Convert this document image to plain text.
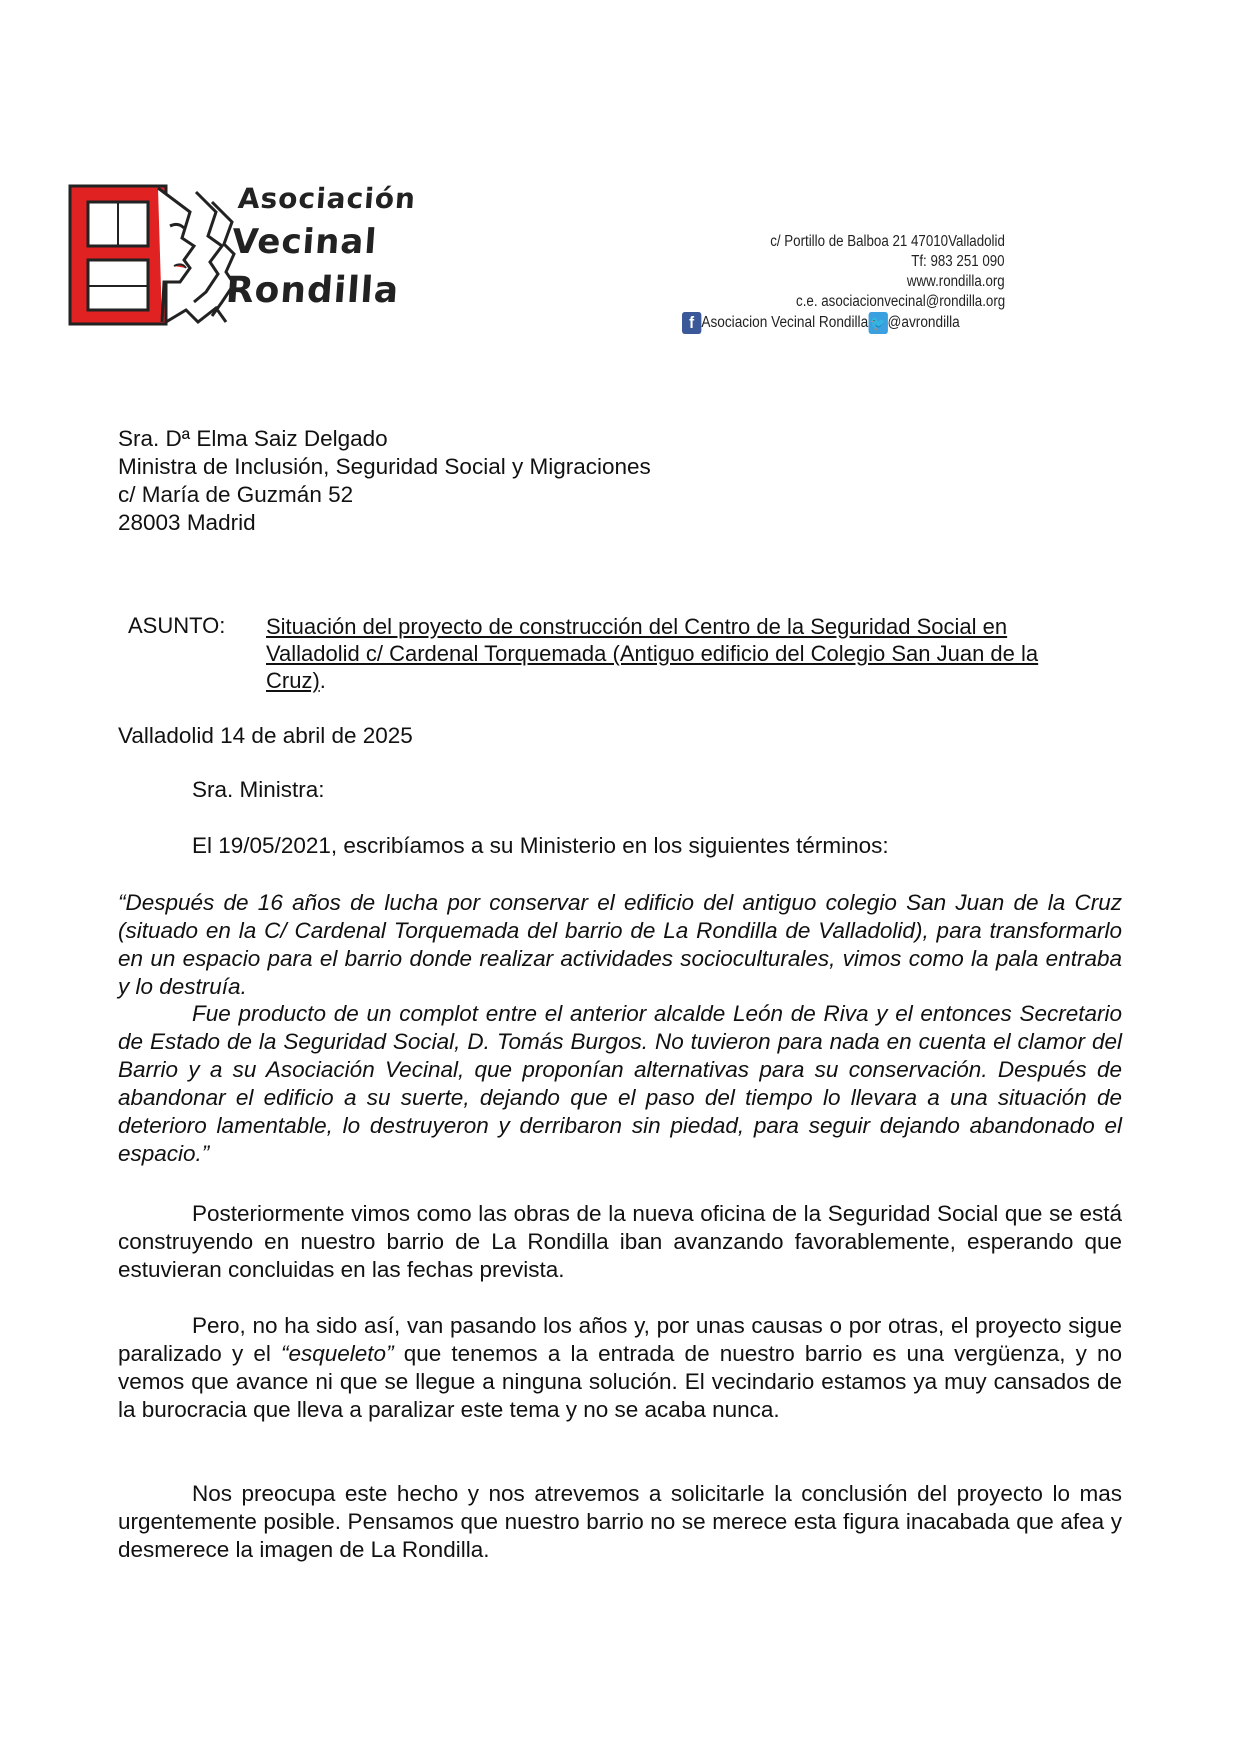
Asociación
Vecinal
Rondilla
c/ Portillo de Balboa 21 47010Valladolid
Tf: 983 251 090
www.rondilla.org
c.e. asociacionvecinal@rondilla.org
f Asociacion Vecinal Rondilla 🐦 @avrondilla
Sra. Dª Elma Saiz Delgado
Ministra de Inclusión, Seguridad Social y Migraciones
c/ María de Guzmán 52
28003 Madrid
ASUNTO: Situación del proyecto de construcción del Centro de la Seguridad Social en Valladolid c/ Cardenal Torquemada (Antiguo edificio del Colegio San Juan de la Cruz).
Valladolid 14 de abril de 2025
Sra. Ministra:
El 19/05/2021, escribíamos a su Ministerio en los siguientes términos:
“Después de 16 años de lucha por conservar el edificio del antiguo colegio San Juan de la Cruz (situado en la C/ Cardenal Torquemada del barrio de La Rondilla de Valladolid), para transformarlo en un espacio para el barrio donde realizar actividades socioculturales, vimos como la pala entraba y lo destruía.
Fue producto de un complot entre el anterior alcalde León de Riva y el entonces Secretario de Estado de la Seguridad Social, D. Tomás Burgos. No tuvieron para nada en cuenta el clamor del Barrio y a su Asociación Vecinal, que proponían alternativas para su conservación. Después de abandonar el edificio a su suerte, dejando que el paso del tiempo lo llevara a una situación de deterioro lamentable, lo destruyeron y derribaron sin piedad, para seguir dejando abandonado el espacio.”
Posteriormente vimos como las obras de la nueva oficina de la Seguridad Social que se está construyendo en nuestro barrio de La Rondilla iban avanzando favorablemente, esperando que estuvieran concluidas en las fechas prevista.
Pero, no ha sido así, van pasando los años y, por unas causas o por otras, el proyecto sigue paralizado y el “esqueleto” que tenemos a la entrada de nuestro barrio es una vergüenza, y no vemos que avance ni que se llegue a ninguna solución. El vecindario estamos ya muy cansados de la burocracia que lleva a paralizar este tema y no se acaba nunca.
Nos preocupa este hecho y nos atrevemos a solicitarle la conclusión del proyecto lo mas urgentemente posible. Pensamos que nuestro barrio no se merece esta figura inacabada que afea y desmerece la imagen de La Rondilla.
